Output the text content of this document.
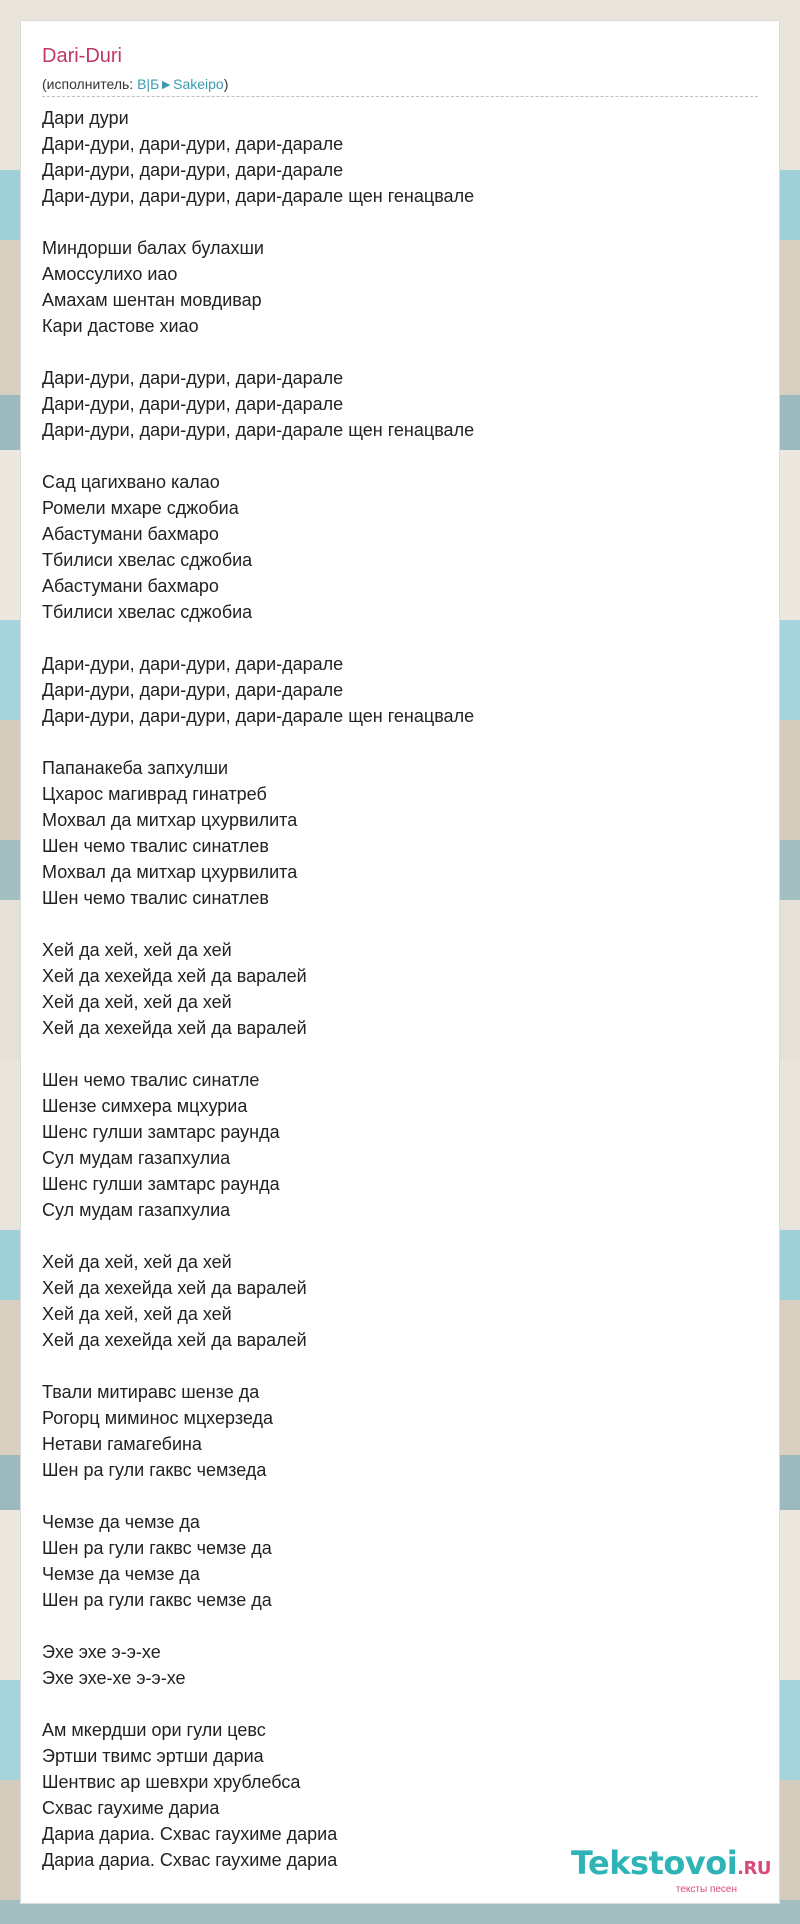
Dari-Duri
(исполнитель: B|Б►Sakeipo)
Дари дури
Дари-дури, дари-дури, дари-дарале
Дари-дури, дари-дури, дари-дарале
Дари-дури, дари-дури, дари-дарале щен генацвале
Миндорши балах булахши
Амоссулихо иао
Амахам шентан мовдивар
Кари дастове хиао
Дари-дури, дари-дури, дари-дарале
Дари-дури, дари-дури, дари-дарале
Дари-дури, дари-дури, дари-дарале щен генацвале
Сад цагихвано калао
Ромели мхаре сджобиа
Абастумани бахмаро
Тбилиси хвелас сджобиа
Абастумани бахмаро
Тбилиси хвелас сджобиа
Дари-дури, дари-дури, дари-дарале
Дари-дури, дари-дури, дари-дарале
Дари-дури, дари-дури, дари-дарале щен генацвале
Папанакеба запхулши
Цхарос магиврад гинатреб
Мохвал да митхар цхурвилита
Шен чемо твалис синатлев
Мохвал да митхар цхурвилита
Шен чемо твалис синатлев
Хей да хей, хей да хей
Хей да хехейда хей да варалей
Хей да хей, хей да хей
Хей да хехейда хей да варалей
Шен чемо твалис синатле
Шензе симхера мцхуриа
Шенс гулши замтарс раунда
Сул мудам газапхулиа
Шенс гулши замтарс раунда
Сул мудам газапхулиа
Хей да хей, хей да хей
Хей да хехейда хей да варалей
Хей да хей, хей да хей
Хей да хехейда хей да варалей
Твали митиравс шензе да
Рогорц миминос мцхерзеда
Нетави гамагебина
Шен ра гули гаквс чемзеда
Чемзе да чемзе да
Шен ра гули гаквс чемзе да
Чемзе да чемзе да
Шен ра гули гаквс чемзе да
Эхе эхе э-э-хе
Эхе эхе-хе э-э-хе
Ам мкердши ори гули цевс
Эртши твимс эртши дариа
Шентвис ар шевхри хрублебса
Схвас гаухиме дариа
Дариа дариа. Схвас гаухиме дариа
Дариа дариа. Схвас гаухиме дариа	Tekstovoi.RU
тексты песен
